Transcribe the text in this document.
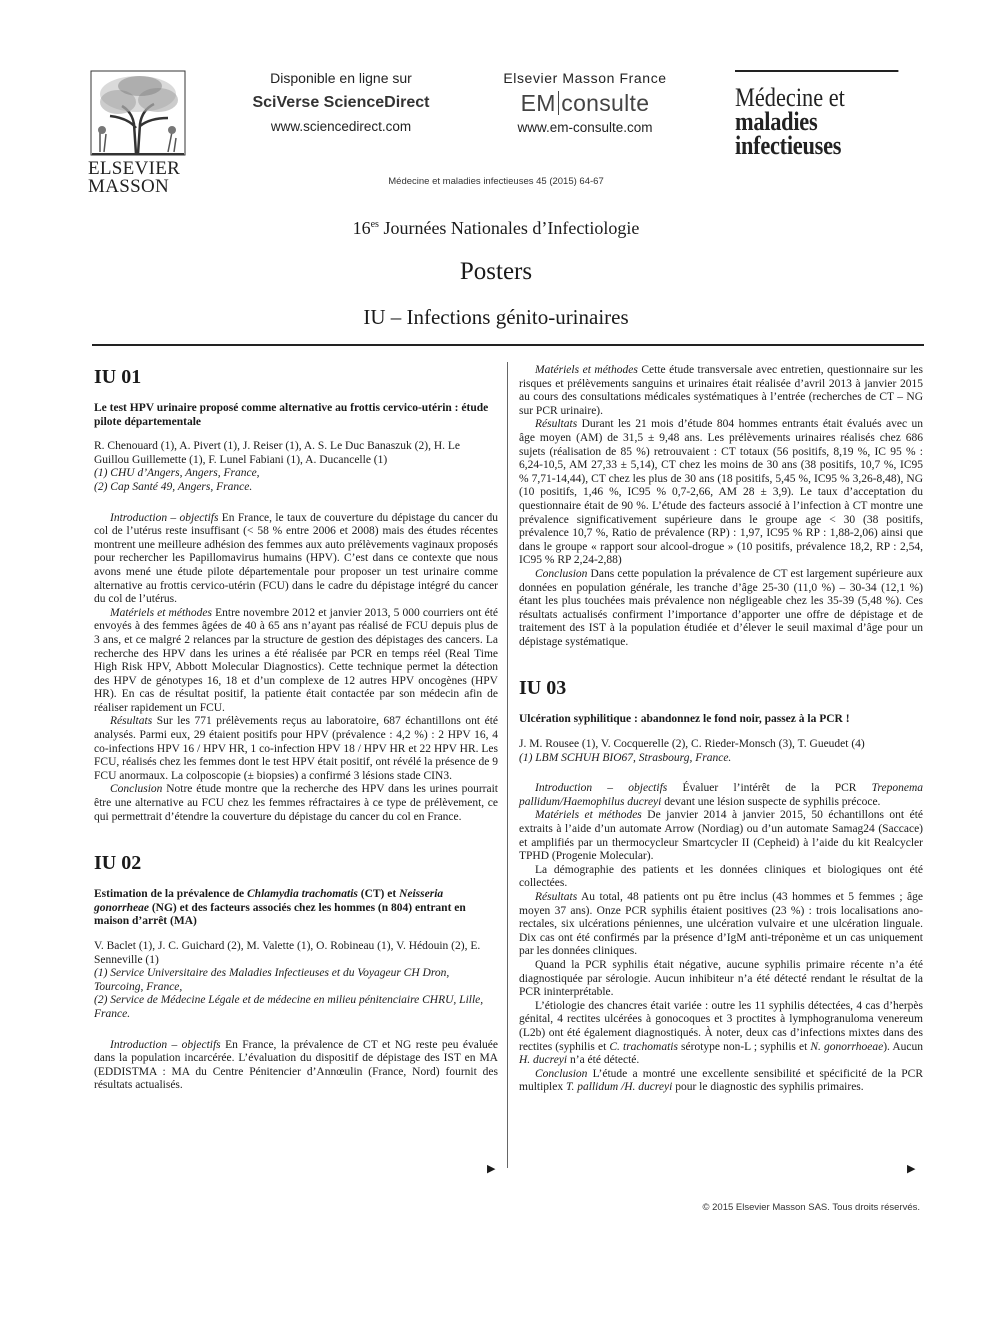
ELSEVIER
MASSON
Disponible en ligne sur
SciVerse ScienceDirect
www.sciencedirect.com
Elsevier Masson France
EM consulte
www.em-consulte.com
Médecine et
maladies infectieuses
Médecine et maladies infectieuses 45 (2015) 64-67
$16^{es}$ Journées Nationales d’Infectiologie
Posters
IU – Infections génito-urinaires
IU 01
Le test HPV urinaire proposé comme alternative au frottis cervico-utérin : étude pilote départementale

R. Chenouard (1), A. Pivert (1), J. Reiser (1), A. S. Le Duc Banaszuk (2), H. Le Guillou Guillemette (1), F. Lunel Fabiani (1), A. Ducancelle (1)

(1) CHU d’Angers, Angers, France,

(2) Cap Santé 49, Angers, France.

Introduction – objectifs En France, le taux de couverture du dépistage du cancer du col de l’utérus reste insuffisant (< 58 % entre 2006 et 2008) mais des études récentes montrent une meilleure adhésion des femmes aux auto prélèvements vaginaux proposés pour rechercher les Papillomavirus humains (HPV). C’est dans ce contexte que nous avons mené une étude pilote départementale pour proposer un test urinaire comme alternative au frottis cervico-utérin (FCU) dans le cadre du dépistage intégré du cancer du col de l’utérus.

Matériels et méthodes Entre novembre 2012 et janvier 2013, 5 000 courriers ont été envoyés à des femmes âgées de 40 à 65 ans n’ayant pas réalisé de FCU depuis plus de 3 ans, et ce malgré 2 relances par la structure de gestion des dépistages des cancers. La recherche des HPV dans les urines a été réalisée par PCR en temps réel (Real Time High Risk HPV, Abbott Molecular Diagnostics). Cette technique permet la détection des HPV de génotypes 16, 18 et d’un complexe de 12 autres HPV oncogènes (HPV HR). En cas de résultat positif, la patiente était contactée par son médecin afin de réaliser rapidement un FCU.

Résultats Sur les 771 prélèvements reçus au laboratoire, 687 échantillons ont été analysés. Parmi eux, 29 étaient positifs pour HPV (prévalence : 4,2 %) : 2 HPV 16, 4 co-infections HPV 16 / HPV HR, 1 co-infection HPV 18 / HPV HR et 22 HPV HR. Les FCU, réalisés chez les femmes dont le test HPV était positif, ont révélé la présence de 9 FCU anormaux. La colposcopie (± biopsies) a confirmé 3 lésions stade CIN3.

Conclusion Notre étude montre que la recherche des HPV dans les urines pourrait être une alternative au FCU chez les femmes réfractaires à ce type de prélèvement, ce qui permettrait d’étendre la couverture du dépistage du cancer du col en France.

IU 02
Estimation de la prévalence de Chlamydia trachomatis (CT) et Neisseria gonorrheae (NG) et des facteurs associés chez les hommes (n 804) entrant en maison d’arrêt (MA)

V. Baclet (1), J. C. Guichard (2), M. Valette (1), O. Robineau (1), V. Hédouin (2), E. Senneville (1)

(1) Service Universitaire des Maladies Infectieuses et du Voyageur CH Dron, Tourcoing, France,

(2) Service de Médecine Légale et de médecine en milieu pénitenciaire CHRU, Lille, France.

Introduction – objectifs En France, la prévalence de CT et NG reste peu évaluée dans la population incarcérée. L’évaluation du dispositif de dépistage des IST en MA (EDDISTMA : MA du Centre Pénitencier d’Annœulin (France, Nord) fournit des résultats actualisés.

▶

Matériels et méthodes Cette étude transversale avec entretien, questionnaire sur les risques et prélèvements sanguins et urinaires était réalisée d’avril 2013 à janvier 2015 au cours des consultations médicales systématiques à l’entrée (recherches de CT – NG sur PCR urinaire).

Résultats Durant les 21 mois d’étude 804 hommes entrants était évalués avec un âge moyen (AM) de 31,5 ± 9,48 ans. Les prélèvements urinaires réalisés chez 686 sujets (réalisation de 85 %) retrouvaient : CT totaux (56 positifs, 8,19 %, IC 95 % : 6,24-10,5, AM 27,33 ± 5,14), CT chez les moins de 30 ans (38 positifs, 10,7 %, IC95 % 7,71-14,44), CT chez les plus de 30 ans (18 positifs, 5,45 %, IC95 % 3,26-8,48), NG (10 positifs, 1,46 %, IC95 % 0,7-2,66, AM 28 ± 3,9). Le taux d’acceptation du questionnaire était de 90 %. L’étude des facteurs associé à l’infection à CT montre une prévalence significativement supérieure dans le groupe age < 30 (38 positifs, prévalence 10,7 %, Ratio de prévalence (RP) : 1,97, IC95 % RP : 1,88-2,06) ainsi que dans le groupe « rapport sour alcool-drogue » (10 positifs, prévalence 18,2, RP : 2,54, IC95 % RP 2,24-2,88)

Conclusion Dans cette population la prévalence de CT est largement supérieure aux données en population générale, les tranche d’âge 25-30 (11,0 %) – 30-34 (12,1 %) étant les plus touchées mais prévalence non négligeable chez les 35-39 (5,48 %). Ces résultats actualisés confirment l’importance d’apporter une offre de dépistage et de traitement des IST à la population étudiée et d’élever le seuil maximal d’âge pour un dépistage systématique.

IU 03
Ulcération syphilitique : abandonnez le fond noir, passez à la PCR !

J. M. Rousee (1), V. Cocquerelle (2), C. Rieder-Monsch (3), T. Gueudet (4)

(1) LBM SCHUH BIO67, Strasbourg, France.

Introduction – objectifs Évaluer l’intérêt de la PCR Treponema pallidum/Haemophilus ducreyi devant une lésion suspecte de syphilis précoce.

Matériels et méthodes De janvier 2014 à janvier 2015, 50 échantillons ont été extraits à l’aide d’un automate Arrow (Nordiag) ou d’un automate Samag24 (Saccace) et amplifiés par un thermocycleur Smartcycler II (Cepheid) à l’aide du kit Realcycler TPHD (Progenie Molecular).

La démographie des patients et les données cliniques et biologiques ont été collectées.

Résultats Au total, 48 patients ont pu être inclus (43 hommes et 5 femmes ; âge moyen 37 ans). Onze PCR syphilis étaient positives (23 %) : trois localisations ano-rectales, six ulcérations péniennes, une ulcération vulvaire et une ulcération linguale. Dix cas ont été confirmés par la présence d’IgM anti-tréponème et un cas uniquement par les données cliniques.

Quand la PCR syphilis était négative, aucune syphilis primaire récente n’a été diagnostiquée par sérologie. Aucun inhibiteur n’a été détecté rendant le résultat de la PCR ininterprétable.

L’étiologie des chancres était variée : outre les 11 syphilis détectées, 4 cas d’herpès génital, 4 rectites ulcérées à gonocoques et 3 proctites à lymphogranuloma venereum (L2b) ont été également diagnostiqués. À noter, deux cas d’infections mixtes dans des rectites (syphilis et C. trachomatis sérotype non-L ; syphilis et N. gonorrhoeae). Aucun H. ducreyi n’a été détecté.

Conclusion L’étude a montré une excellente sensibilité et spécificité de la PCR multiplex T. pallidum /H. ducreyi pour le diagnostic des syphilis primaires.

▶
© 2015 Elsevier Masson SAS. Tous droits réservés.
